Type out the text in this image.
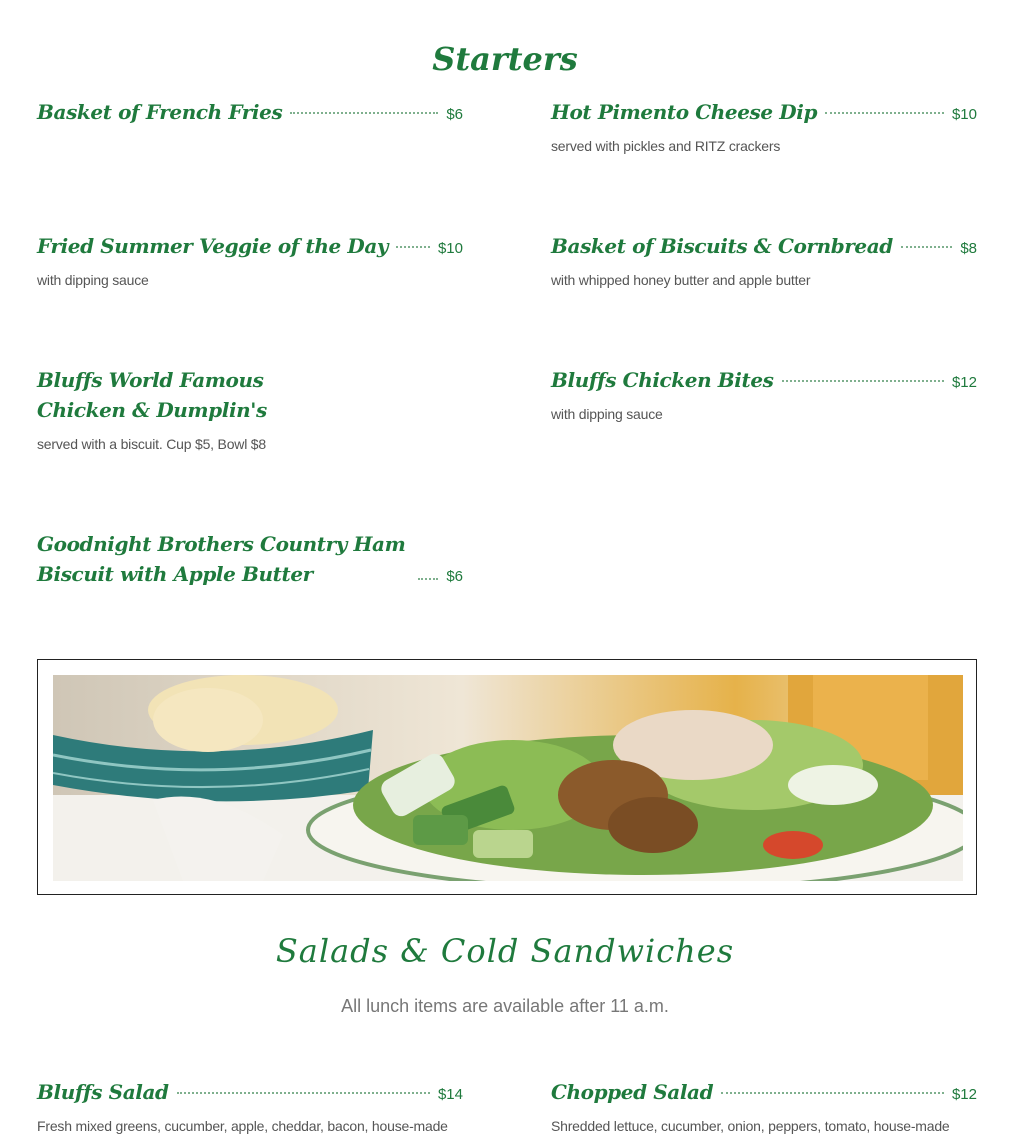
Starters
Basket of French Fries	$6	Hot Pimento Cheese Dip	$10
served with pickles and RITZ crackers
Fried Summer Veggie of the Day	$10
with dipping sauce
Basket of Biscuits & Cornbread	$8
with whipped honey butter and apple butter
Bluffs World Famous Chicken & Dumplin's
served with a biscuit. Cup $5, Bowl $8
Bluffs Chicken Bites	$12
with dipping sauce
Goodnight Brothers Country Ham Biscuit with Apple Butter	$6
Salads & Cold Sandwiches
All lunch items are available after 11 a.m.
Bluffs Salad	$14
Fresh mixed greens, cucumber, apple, cheddar, bacon, house-made
Chopped Salad	$12
Shredded lettuce, cucumber, onion, peppers, tomato, house-made
